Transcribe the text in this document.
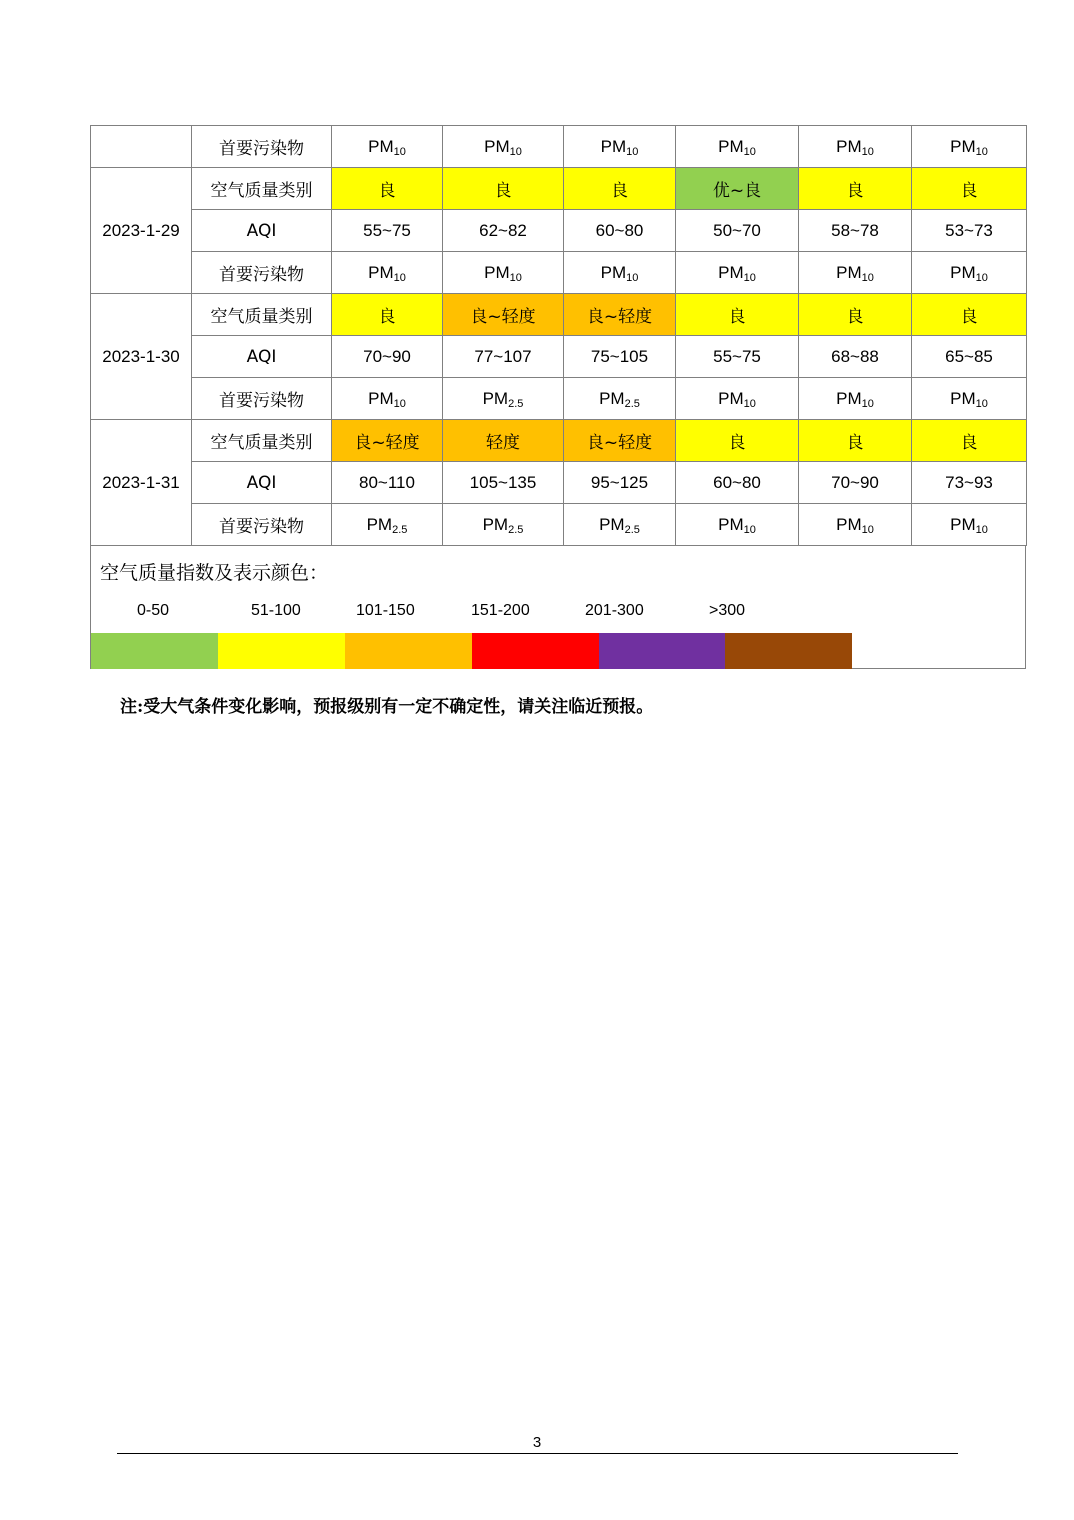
	首要污染物	$PM_{10}$	$PM_{10}$	$PM_{10}$	$PM_{10}$	$PM_{10}$	$PM_{10}$
2023-1-29	空气质量类别	良	良	良	优~良	良	良
	AQI	55~75	62~82	60~80	50~70	58~78	53~73
	首要污染物	$PM_{10}$	$PM_{10}$	$PM_{10}$	$PM_{10}$	$PM_{10}$	$PM_{10}$
2023-1-30	空气质量类别	良	良~轻度	良~轻度	良	良	良
	AQI	70~90	77~107	75~105	55~75	68~88	65~85
	首要污染物	$PM_{10}$	$PM_{2.5}$	$PM_{2.5}$	$PM_{10}$	$PM_{10}$	$PM_{10}$
2023-1-31	空气质量类别	良~轻度	轻度	良~轻度	良	良	良
	AQI	80~110	105~135	95~125	60~80	70~90	73~93
	首要污染物	$PM_{2.5}$	$PM_{2.5}$	$PM_{2.5}$	$PM_{10}$	$PM_{10}$	$PM_{10}$
空气质量指数及表示颜色：
0-50	51-100	101-150	151-200	201-300	>300
注:受大气条件变化影响，预报级别有一定不确定性，请关注临近预报。
3
